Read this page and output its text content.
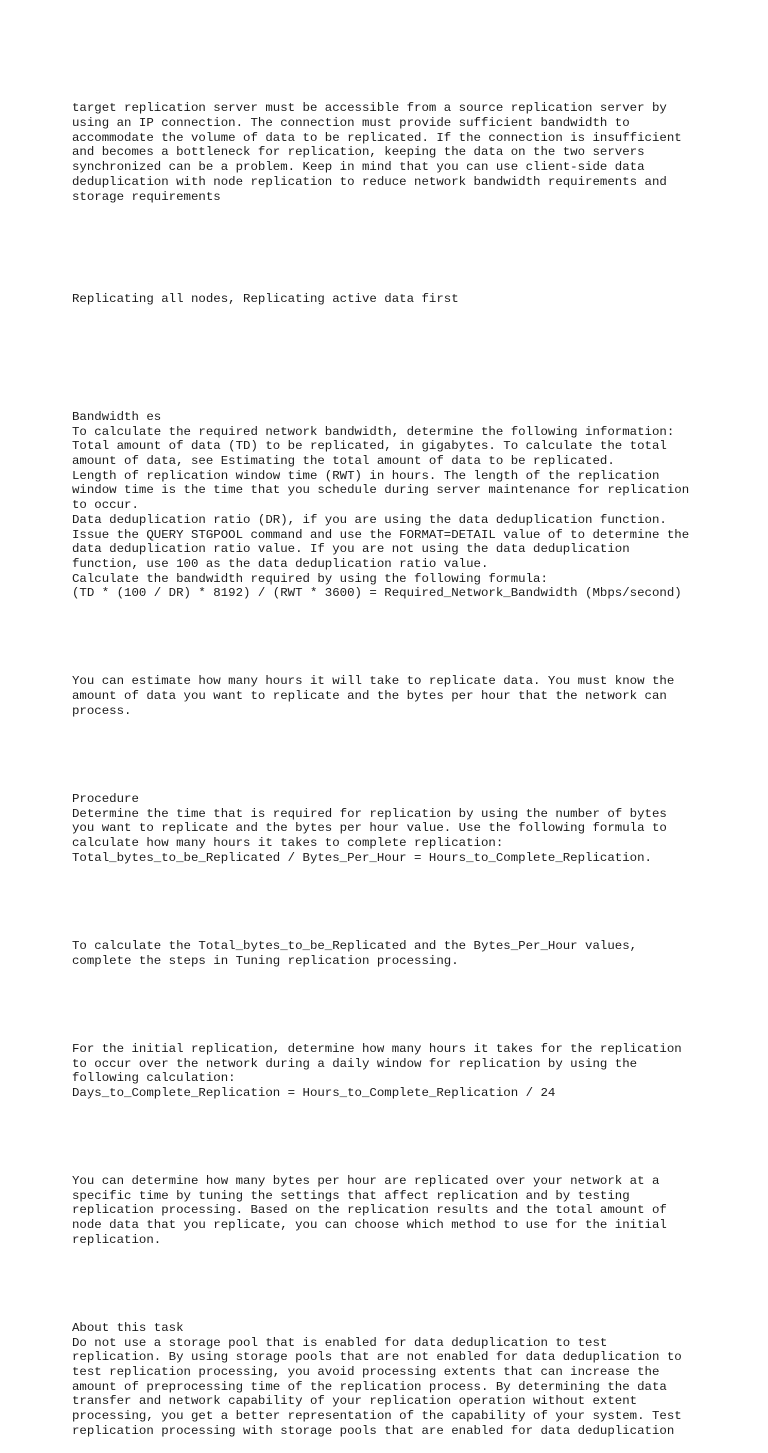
target replication server must be accessible from a source replication server by
using an IP connection. The connection must provide sufficient bandwidth to
accommodate the volume of data to be replicated. If the connection is insufficient
and becomes a bottleneck for replication, keeping the data on the two servers
synchronized can be a problem. Keep in mind that you can use client-side data
deduplication with node replication to reduce network bandwidth requirements and
storage requirements

Replicating all nodes, Replicating active data first

Bandwidth es
To calculate the required network bandwidth, determine the following information:
Total amount of data (TD) to be replicated, in gigabytes. To calculate the total
amount of data, see Estimating the total amount of data to be replicated.
Length of replication window time (RWT) in hours. The length of the replication
window time is the time that you schedule during server maintenance for replication
to occur.
Data deduplication ratio (DR), if you are using the data deduplication function.
Issue the QUERY STGPOOL command and use the FORMAT=DETAIL value of to determine the
data deduplication ratio value. If you are not using the data deduplication
function, use 100 as the data deduplication ratio value.
Calculate the bandwidth required by using the following formula:
(TD * (100 / DR) * 8192) / (RWT * 3600) = Required_Network_Bandwidth (Mbps/second)

You can estimate how many hours it will take to replicate data. You must know the
amount of data you want to replicate and the bytes per hour that the network can
process.

Procedure
Determine the time that is required for replication by using the number of bytes
you want to replicate and the bytes per hour value. Use the following formula to
calculate how many hours it takes to complete replication:
Total_bytes_to_be_Replicated / Bytes_Per_Hour = Hours_to_Complete_Replication.

To calculate the Total_bytes_to_be_Replicated and the Bytes_Per_Hour values,
complete the steps in Tuning replication processing.

For the initial replication, determine how many hours it takes for the replication
to occur over the network during a daily window for replication by using the
following calculation:
Days_to_Complete_Replication = Hours_to_Complete_Replication / 24

You can determine how many bytes per hour are replicated over your network at a
specific time by tuning the settings that affect replication and by testing
replication processing. Based on the replication results and the total amount of
node data that you replicate, you can choose which method to use for the initial
replication.

About this task
Do not use a storage pool that is enabled for data deduplication to test
replication. By using storage pools that are not enabled for data deduplication to
test replication processing, you avoid processing extents that can increase the
amount of preprocessing time of the replication process. By determining the data
transfer and network capability of your replication operation without extent
processing, you get a better representation of the capability of your system. Test
replication processing with storage pools that are enabled for data deduplication
